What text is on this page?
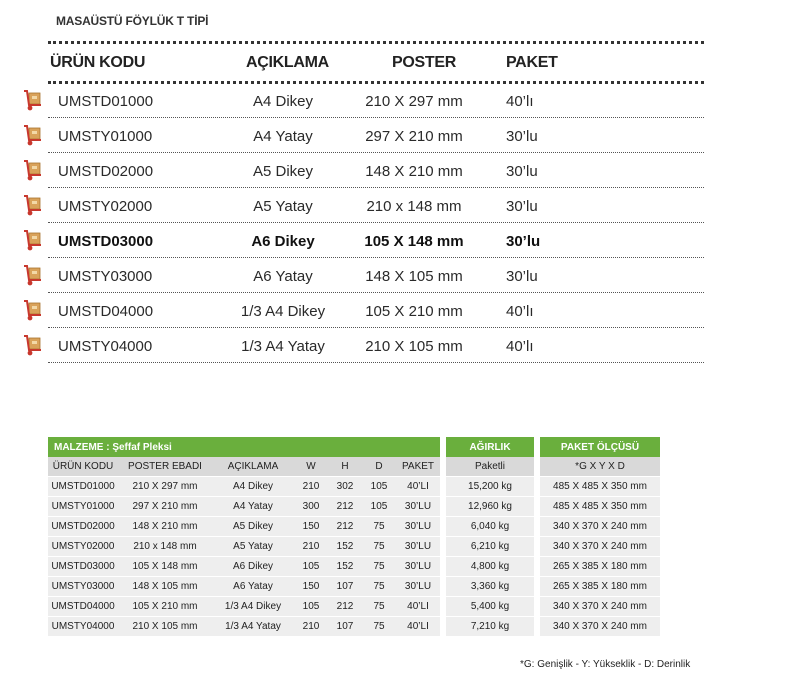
MASAÜSTÜ FÖYLÜK T TİPİ
ÜRÜN KODU	AÇIKLAMA	POSTER	PAKET
UMSTD01000	A4 Dikey	210 X 297 mm	40’lı
UMSTY01000	A4 Yatay	297 X 210 mm	30’lu
UMSTD02000	A5 Dikey	148 X 210 mm	30’lu
UMSTY02000	A5 Yatay	210 x 148 mm	30’lu
UMSTD03000	A6 Dikey	105 X 148 mm	30’lu
UMSTY03000	A6 Yatay	148 X 105 mm	30’lu
UMSTD04000	1/3 A4 Dikey	105 X 210 mm	40’lı
UMSTY04000	1/3 A4 Yatay	210 X 105 mm	40’lı
MALZEME : Şeffaf Pleksi								AĞIRLIK		PAKET ÖLÇÜSÜ
ÜRÜN KODU	POSTER EBADI	AÇIKLAMA	W	H	D	PAKET		Paketli		*G X Y X D
UMSTD01000	210 X 297 mm	A4 Dikey	210	302	105	40’LI		15,200 kg		485 X 485 X 350 mm
UMSTY01000	297 X 210 mm	A4 Yatay	300	212	105	30’LU		12,960 kg		485 X 485 X 350 mm
UMSTD02000	148 X 210 mm	A5 Dikey	150	212	75	30’LU		6,040 kg		340 X 370 X 240 mm
UMSTY02000	210 x 148 mm	A5 Yatay	210	152	75	30’LU		6,210 kg		340 X 370 X 240 mm
UMSTD03000	105 X 148 mm	A6 Dikey	105	152	75	30’LU		4,800 kg		265 X 385 X 180 mm
UMSTY03000	148 X 105 mm	A6 Yatay	150	107	75	30’LU		3,360 kg		265 X 385 X 180 mm
UMSTD04000	105 X 210 mm	1/3 A4 Dikey	105	212	75	40’LI		5,400 kg		340 X 370 X 240 mm
UMSTY04000	210 X 105 mm	1/3 A4 Yatay	210	107	75	40’LI		7,210 kg		340 X 370 X 240 mm
*G: Genişlik - Y: Yükseklik - D: Derinlik
